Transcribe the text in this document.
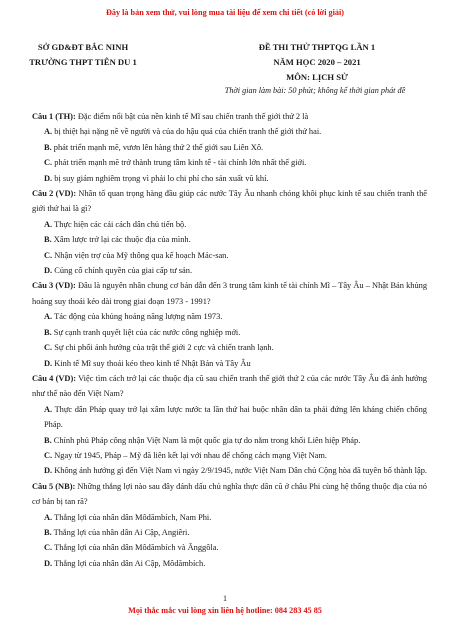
Đây là bản xem thử, vui lòng mua tài liệu để xem chi tiết (có lời giải)
SỞ GD&ĐT BẮC NINH
TRƯỜNG THPT TIÊN DU 1
ĐỀ THI THỬ THPTQG LẦN 1
NĂM HỌC 2020 – 2021
MÔN: LỊCH SỬ
Thời gian làm bài: 50 phút; không kể thời gian phát đề

Câu 1 (TH): Đặc điểm nổi bật của nền kinh tế Mĩ sau chiến tranh thế giới thứ 2 là

A. bị thiệt hại nặng nề về người và của do hậu quả của chiến tranh thế giới thứ hai.

B. phát triển mạnh mẽ, vươn lên hàng thứ 2 thế giới sau Liên Xô.

C. phát triển mạnh mẽ trở thành trung tâm kinh tế - tài chính lớn nhất thế giới.

D. bị suy giảm nghiêm trọng vì phải lo chi phí cho sản xuất vũ khí.

Câu 2 (VD): Nhân tố quan trọng hàng đầu giúp các nước Tây Âu nhanh chóng khôi phục kinh tế sau chiến tranh thế giới thứ hai là gì?

A. Thực hiện các cải cách dân chủ tiến bộ.

B. Xâm lược trở lại các thuộc địa của mình.

C. Nhận viện trợ của Mỹ thông qua kế hoạch Mác-san.

D. Củng cố chính quyền của giai cấp tư sản.

Câu 3 (VD): Đâu là nguyên nhân chung cơ bản dẫn đến 3 trung tâm kinh tế tài chính Mĩ – Tây Âu – Nhật Bản khủng hoảng suy thoái kéo dài trong giai đoạn 1973 - 1991?

A. Tác động của khủng hoảng năng lượng năm 1973.

B. Sự cạnh tranh quyết liệt của các nước công nghiệp mới.

C. Sự chi phối ảnh hưởng của trật thế giới 2 cực và chiến tranh lạnh.

D. Kinh tế Mĩ suy thoái kéo theo kinh tế Nhật Bản và Tây Âu

Câu 4 (VD): Việc tìm cách trở lại các thuộc địa cũ sau chiến tranh thế giới thứ 2 của các nước Tây Âu đã ảnh hưởng như thế nào đến Việt Nam?

A. Thực dân Pháp quay trở lại xâm lược nước ta lần thứ hai buộc nhân dân ta phải đứng lên kháng chiến chống Pháp.

B. Chính phủ Pháp công nhận Việt Nam là một quốc gia tự do nằm trong khối Liên hiệp Pháp.

C. Ngay từ 1945, Pháp – Mỹ đã liên kết lại với nhau để chống cách mạng Việt Nam.

D. Không ảnh hưởng gì đến Việt Nam vì ngày 2/9/1945, nước Việt Nam Dân chủ Cộng hòa đã tuyên bố thành lập.

Câu 5 (NB): Những thắng lợi nào sau đây đánh dấu chủ nghĩa thực dân cũ ở châu Phi cùng hệ thống thuộc địa của nó cơ bản bị tan rã?

A. Thắng lợi của nhân dân Môdămbích, Nam Phi.

B. Thắng lợi của nhân dân Ai Cập, Angiêri.

C. Thắng lợi của nhân dân Môdămbích và Ănggôla.

D. Thắng lợi của nhân dân Ai Cập, Môdămbích.

1
Mọi thắc mắc vui lòng xin liên hệ hotline: 084 283 45 85
